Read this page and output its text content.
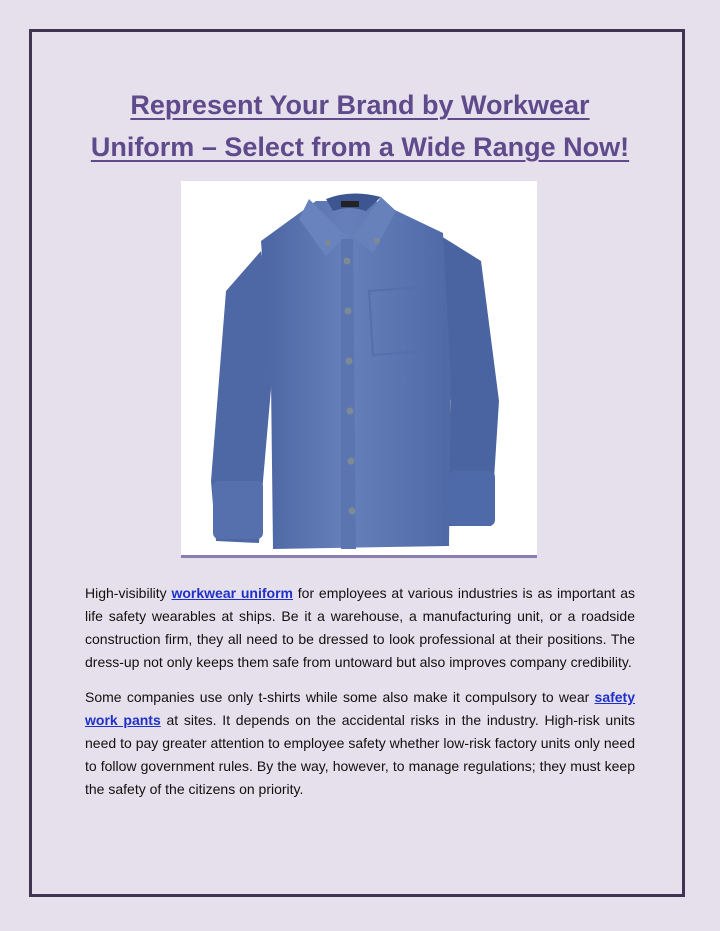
Represent Your Brand by Workwear
Uniform – Select from a Wide Range Now!

High-visibility workwear uniform for employees at various industries is as important as life safety wearables at ships. Be it a warehouse, a manufacturing unit, or a roadside construction firm, they all need to be dressed to look professional at their positions. The dress-up not only keeps them safe from untoward but also improves company credibility.

Some companies use only t-shirts while some also make it compulsory to wear safety work pants at sites. It depends on the accidental risks in the industry. High-risk units need to pay greater attention to employee safety whether low-risk factory units only need to follow government rules. By the way, however, to manage regulations; they must keep the safety of the citizens on priority.
